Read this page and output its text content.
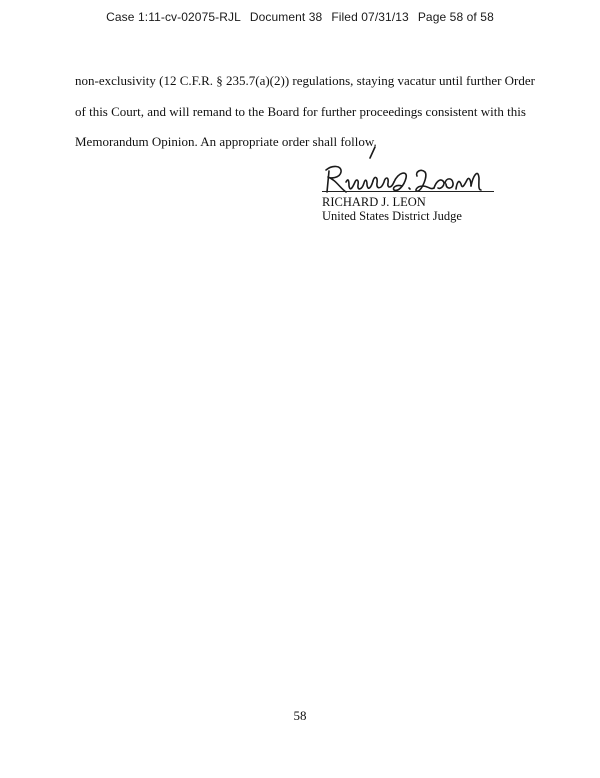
Case 1:11-cv-02075-RJL Document 38 Filed 07/31/13 Page 58 of 58
non-exclusivity (12 C.F.R. § 235.7(a)(2)) regulations, staying vacatur until further Order
of this Court, and will remand to the Board for further proceedings consistent with this
Memorandum Opinion. An appropriate order shall follow.
RICHARD J. LEON
United States District Judge
58
